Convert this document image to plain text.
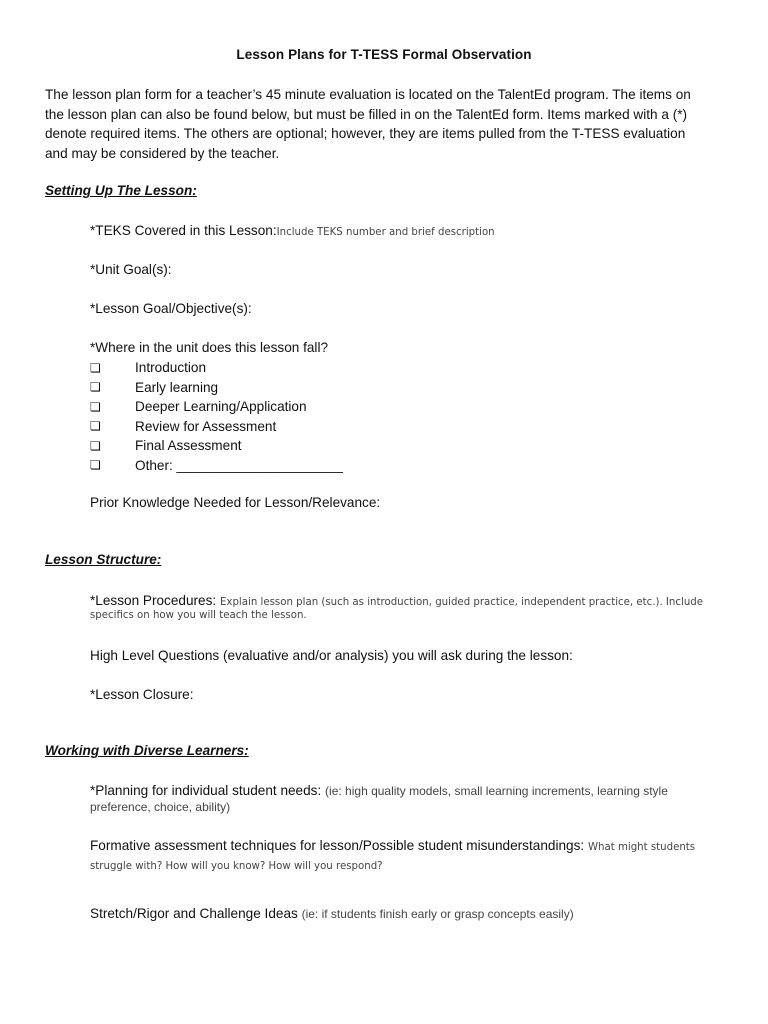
Lesson Plans for T-TESS Formal Observation
The lesson plan form for a teacher’s 45 minute evaluation is located on the TalentEd program. The items on
the lesson plan can also be found below, but must be filled in on the TalentEd form. Items marked with a (*)
denote required items. The others are optional; however, they are items pulled from the T-TESS evaluation
and may be considered by the teacher.
Setting Up The Lesson:
*TEKS Covered in this Lesson:Include TEKS number and brief description
*Unit Goal(s):
*Lesson Goal/Objective(s):
*Where in the unit does this lesson fall?
❏	Introduction
❏	Early learning
❏	Deeper Learning/Application
❏	Review for Assessment
❏	Final Assessment
❏	Other: ______________________
Prior Knowledge Needed for Lesson/Relevance:
Lesson Structure:
*Lesson Procedures: Explain lesson plan (such as introduction, guided practice, independent practice, etc.). Include
specifics on how you will teach the lesson.
High Level Questions (evaluative and/or analysis) you will ask during the lesson:
*Lesson Closure:
Working with Diverse Learners:
*Planning for individual student needs: (ie: high quality models, small learning increments, learning style
preference, choice, ability)
Formative assessment techniques for lesson/Possible student misunderstandings: What might students
struggle with? How will you know? How will you respond?
Stretch/Rigor and Challenge Ideas (ie: if students finish early or grasp concepts easily)
